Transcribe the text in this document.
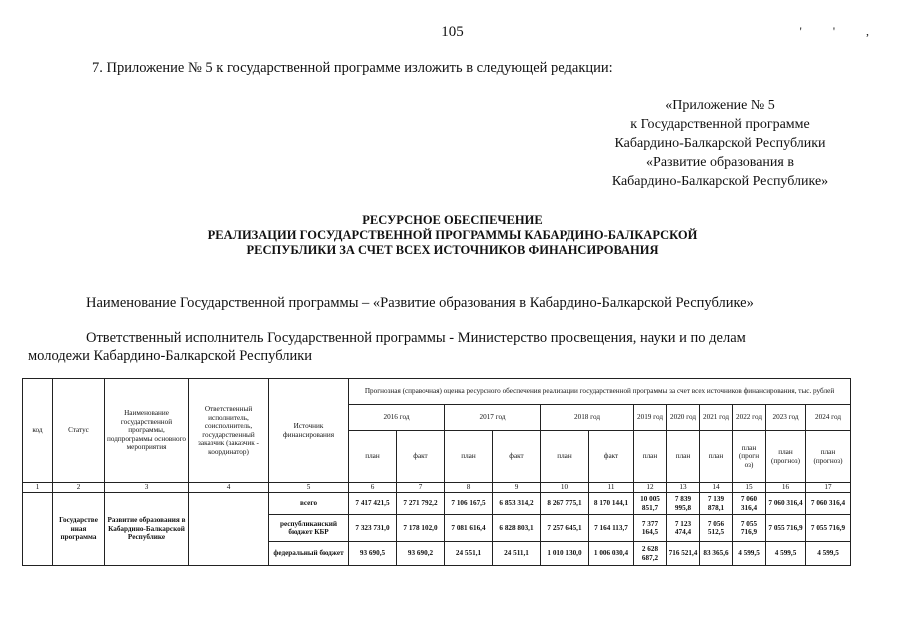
105	' ' ,
7. Приложение № 5 к государственной программе изложить в следующей редакции:
«Приложение № 5
к Государственной программе
Кабардино-Балкарской Республики
«Развитие образования в
Кабардино-Балкарской Республике»
РЕСУРСНОЕ ОБЕСПЕЧЕНИЕ
РЕАЛИЗАЦИИ ГОСУДАРСТВЕННОЙ ПРОГРАММЫ КАБАРДИНО-БАЛКАРСКОЙ
РЕСПУБЛИКИ ЗА СЧЕТ ВСЕХ ИСТОЧНИКОВ ФИНАНСИРОВАНИЯ
Наименование Государственной программы – «Развитие образования в Кабардино-Балкарской Республике»
Ответственный исполнитель Государственной программы - Министерство просвещения, науки и по делам
молодежи Кабардино-Балкарской Республики
код	Статус	Наименование государственной программы, подпрограммы основного мероприятия	Ответственный исполнитель, соисполнитель, государственный заказчик (заказчик - координатор)	Источник финансирования	Прогнозная (справочная) оценка ресурсного обеспечения реализации государственной программы за счет всех источников финансирования, тыс. рублей											
					2016 год		2017 год		2018 год		2019 год	2020 год	2021 год	2022 год	2023 год	2024 год
					план	факт	план	факт	план	факт	план	план	план	план (прогн оз)	план (прогноз)	план (прогноз)
1	2	3	4	5	6	7	8	9	10	11	12	13	14	15	16	17
	Государстве нная программа	Развитие образования в Кабардино-Балкарской Республике		всего	7 417 421,5	7 271 792,2	7 106 167,5	6 853 314,2	8 267 775,1	8 170 144,1	10 005 851,7	7 839 995,8	7 139 878,1	7 060 316,4	7 060 316,4	7 060 316,4
				республиканский бюджет КБР	7 323 731,0	7 178 102,0	7 081 616,4	6 828 803,1	7 257 645,1	7 164 113,7	7 377 164,5	7 123 474,4	7 056 512,5	7 055 716,9	7 055 716,9	7 055 716,9
				федеральный бюджет	93 690,5	93 690,2	24 551,1	24 511,1	1 010 130,0	1 006 030,4	2 628 687,2	716 521,4	83 365,6	4 599,5	4 599,5	4 599,5
